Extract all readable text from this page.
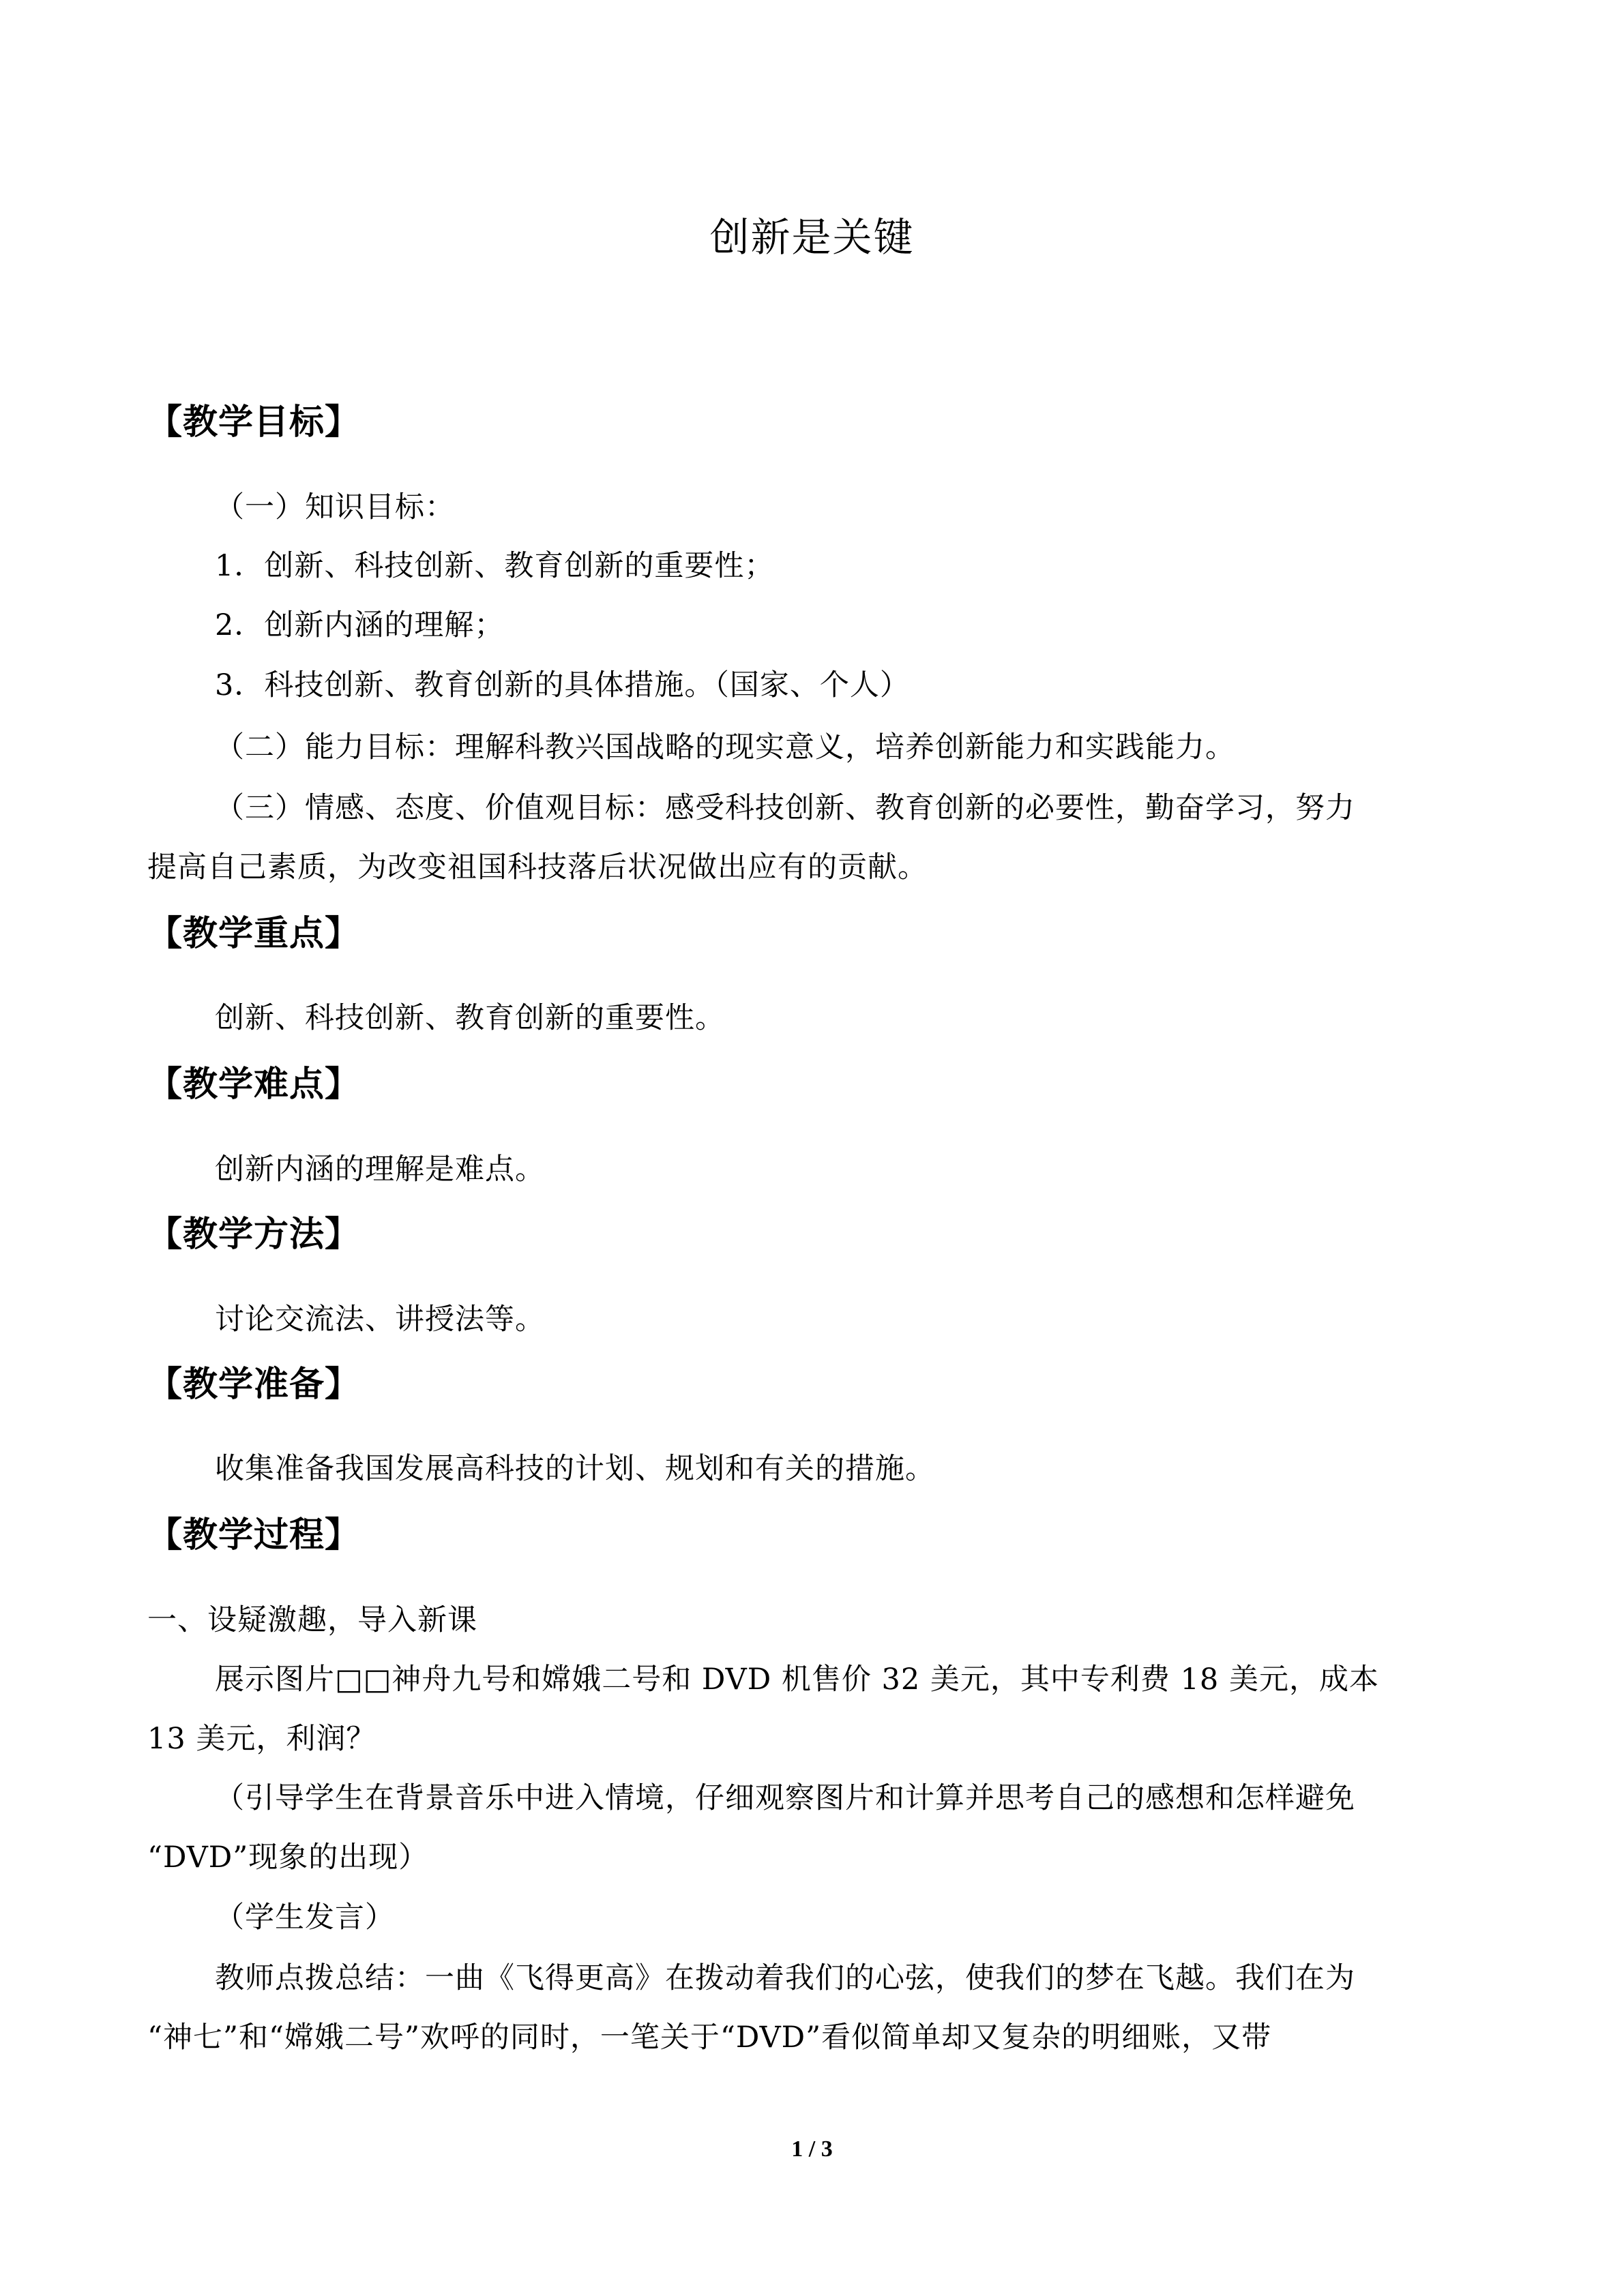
创新是关键
【教学目标】
（一）知识目标：
1．创新、科技创新、教育创新的重要性；
2．创新内涵的理解；
3．科技创新、教育创新的具体措施。（国家、个人）
（二）能力目标：理解科教兴国战略的现实意义，培养创新能力和实践能力。
（三）情感、态度、价值观目标：感受科技创新、教育创新的必要性，勤奋学习，努力
提高自己素质，为改变祖国科技落后状况做出应有的贡献。
【教学重点】
创新、科技创新、教育创新的重要性。
【教学难点】
创新内涵的理解是难点。
【教学方法】
讨论交流法、讲授法等。
【教学准备】
收集准备我国发展高科技的计划、规划和有关的措施。
【教学过程】
一、设疑激趣，导入新课
展示图片□□神舟九号和嫦娥二号和 DVD 机售价 32 美元，其中专利费 18 美元，成本
13 美元，利润？
（引导学生在背景音乐中进入情境，仔细观察图片和计算并思考自己的感想和怎样避免
“DVD”现象的出现）
（学生发言）
教师点拨总结：一曲《飞得更高》在拨动着我们的心弦，使我们的梦在飞越。我们在为
“神七”和“嫦娥二号”欢呼的同时，一笔关于“DVD”看似简单却又复杂的明细账，又带
1 / 3
